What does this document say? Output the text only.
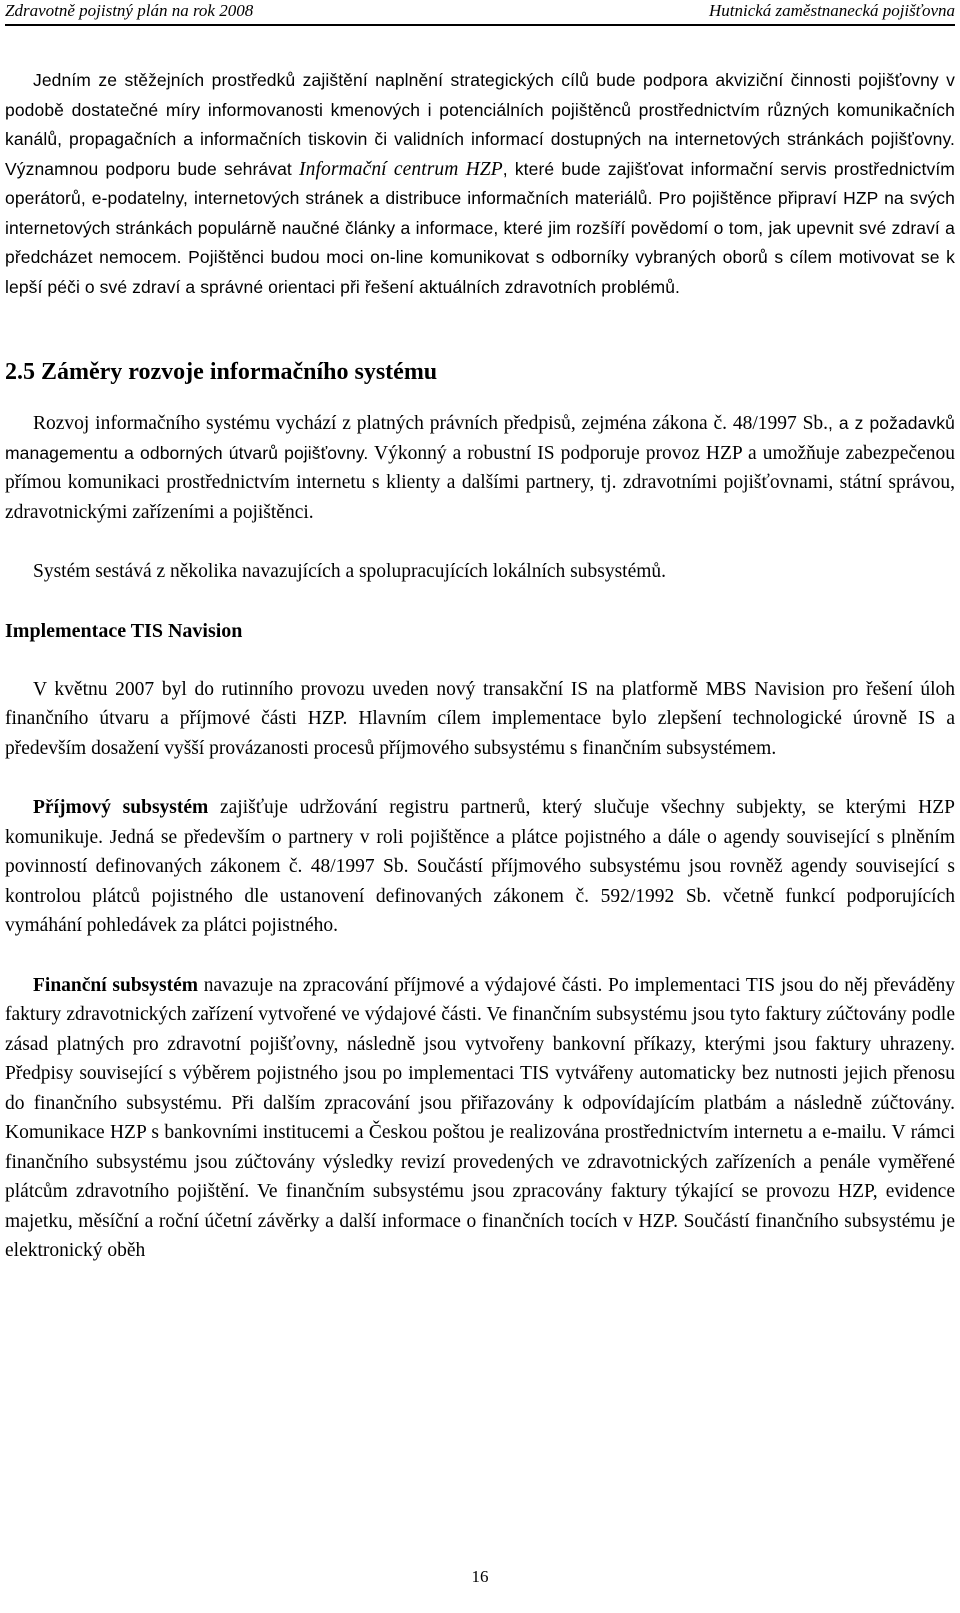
Zdravotně pojistný plán na rok 2008	Hutnická zaměstnanecká pojišťovna

Jedním ze stěžejních prostředků zajištění naplnění strategických cílů bude podpora akviziční činnosti pojišťovny v podobě dostatečné míry informovanosti kmenových i potenciálních pojištěnců prostřednictvím různých komunikačních kanálů, propagačních a informačních tiskovin či validních informací dostupných na internetových stránkách pojišťovny. Významnou podporu bude sehrávat Informační centrum HZP, které bude zajišťovat informační servis prostřednictvím operátorů, e-podatelny, internetových stránek a distribuce informačních materiálů. Pro pojištěnce připraví HZP na svých internetových stránkách populárně naučné články a informace, které jim rozšíří povědomí o tom, jak upevnit své zdraví a předcházet nemocem. Pojištěnci budou moci on-line komunikovat s odborníky vybraných oborů s cílem motivovat se k lepší péči o své zdraví a správné orientaci při řešení aktuálních zdravotních problémů.

2.5 Záměry rozvoje informačního systému

Rozvoj informačního systému vychází z platných právních předpisů, zejména zákona č. 48/1997 Sb., a z požadavků managementu a odborných útvarů pojišťovny. Výkonný a robustní IS podporuje provoz HZP a umožňuje zabezpečenou přímou komunikaci prostřednictvím internetu s klienty a dalšími partnery, tj. zdravotními pojišťovnami, státní správou, zdravotnickými zařízeními a pojištěnci.

Systém sestává z několika navazujících a spolupracujících lokálních subsystémů.

Implementace TIS Navision

V květnu 2007 byl do rutinního provozu uveden nový transakční IS na platformě MBS Navision pro řešení úloh finančního útvaru a příjmové části HZP. Hlavním cílem implementace bylo zlepšení technologické úrovně IS a především dosažení vyšší provázanosti procesů příjmového subsystému s finančním subsystémem.

Příjmový subsystém zajišťuje udržování registru partnerů, který slučuje všechny subjekty, se kterými HZP komunikuje. Jedná se především o partnery v roli pojištěnce a plátce pojistného a dále o agendy související s plněním povinností definovaných zákonem č. 48/1997 Sb. Součástí příjmového subsystému jsou rovněž agendy související s kontrolou plátců pojistného dle ustanovení definovaných zákonem č. 592/1992 Sb. včetně funkcí podporujících vymáhání pohledávek za plátci pojistného.

Finanční subsystém navazuje na zpracování příjmové a výdajové části. Po implementaci TIS jsou do něj převáděny faktury zdravotnických zařízení vytvořené ve výdajové části. Ve finančním subsystému jsou tyto faktury zúčtovány podle zásad platných pro zdravotní pojišťovny, následně jsou vytvořeny bankovní příkazy, kterými jsou faktury uhrazeny. Předpisy související s výběrem pojistného jsou po implementaci TIS vytvářeny automaticky bez nutnosti jejich přenosu do finančního subsystému. Při dalším zpracování jsou přiřazovány k odpovídajícím platbám a následně zúčtovány. Komunikace HZP s bankovními institucemi a Českou poštou je realizována prostřednictvím internetu a e-mailu. V rámci finančního subsystému jsou zúčtovány výsledky revizí provedených ve zdravotnických zařízeních a penále vyměřené plátcům zdravotního pojištění. Ve finančním subsystému jsou zpracovány faktury týkající se provozu HZP, evidence majetku, měsíční a roční účetní závěrky a další informace o finančních tocích v HZP. Součástí finančního subsystému je elektronický oběh

16
